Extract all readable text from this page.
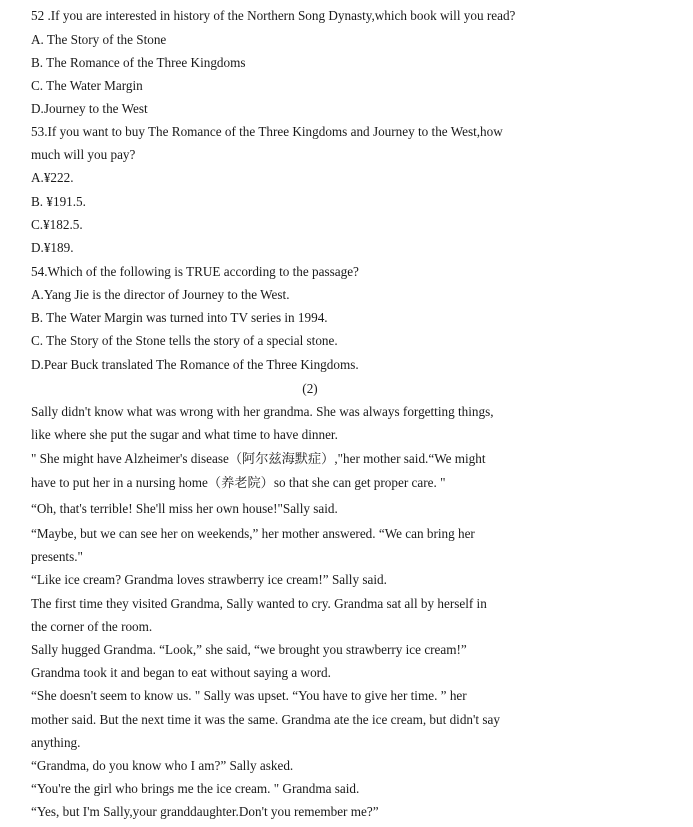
52 .If you are interested in history of the Northern Song Dynasty,which book will you read?
A. The Story of the Stone
B. The Romance of the Three Kingdoms
C. The Water Margin
D.Journey to the West
53.If you want to buy The Romance of the Three Kingdoms and Journey to the West,how
much will you pay?
A.¥222.
B. ¥191.5.
C.¥182.5.
D.¥189.
54.Which of the following is TRUE according to the passage?
A.Yang Jie is the director of Journey to the West.
B. The Water Margin was turned into TV series in 1994.
C. The Story of the Stone tells the story of a special stone.
D.Pear Buck translated The Romance of the Three Kingdoms.
(2)
Sally didn't know what was wrong with her grandma. She was always forgetting things,
like where she put the sugar and what time to have dinner.
" She might have Alzheimer's disease（阿尔兹海默症）,"her mother said.“We might
have to put her in a nursing home（养老院）so that she can get proper care. "
“Oh, that's terrible! She'll miss her own house!"Sally said.
“Maybe, but we can see her on weekends,” her mother answered. “We can bring her
presents."
“Like ice cream? Grandma loves strawberry ice cream!” Sally said.
The first time they visited Grandma, Sally wanted to cry. Grandma sat all by herself in
the corner of the room.
Sally hugged Grandma. “Look,” she said, “we brought you strawberry ice cream!”
Grandma took it and began to eat without saying a word.
“She doesn't seem to know us. " Sally was upset. “You have to give her time. ” her
mother said. But the next time it was the same. Grandma ate the ice cream, but didn't say
anything.
“Grandma, do you know who I am?” Sally asked.
“You're the girl who brings me the ice cream. " Grandma said.
“Yes, but I'm Sally,your granddaughter.Don't you remember me?”
